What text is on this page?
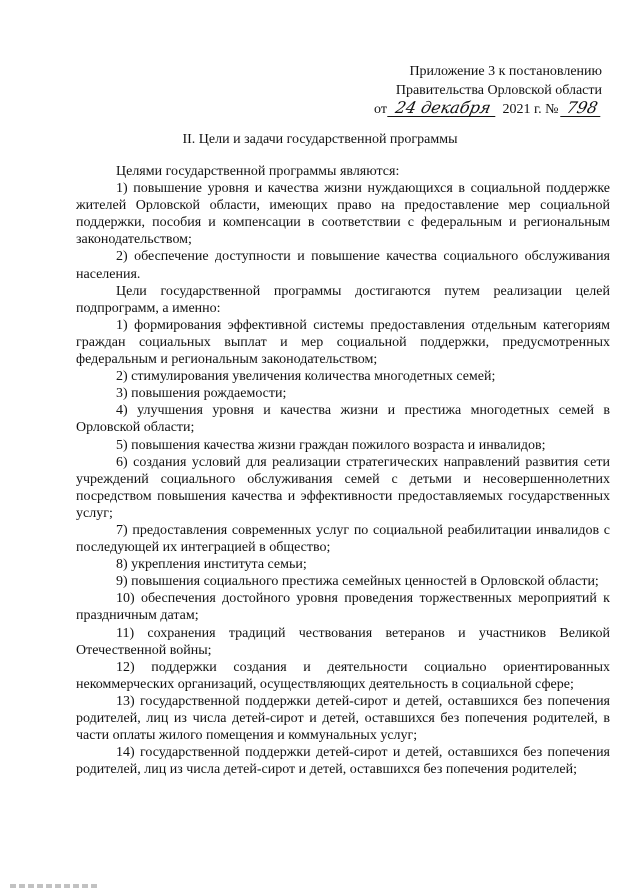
Приложение 3 к постановлению
Правительства Орловской области
от 24 декабря 2021 г. № 798
II. Цели и задачи государственной программы

Целями государственной программы являются:

1) повышение уровня и качества жизни нуждающихся в социальной поддержке жителей Орловской области, имеющих право на предоставление мер социальной поддержки, пособия и компенсации в соответствии с федеральным и региональным законодательством;

2) обеспечение доступности и повышение качества социального обслуживания населения.

Цели государственной программы достигаются путем реализации целей подпрограмм, а именно:

1) формирования эффективной системы предоставления отдельным категориям граждан социальных выплат и мер социальной поддержки, предусмотренных федеральным и региональным законодательством;

2) стимулирования увеличения количества многодетных семей;

3) повышения рождаемости;

4) улучшения уровня и качества жизни и престижа многодетных семей в Орловской области;

5) повышения качества жизни граждан пожилого возраста и инвалидов;

6) создания условий для реализации стратегических направлений развития сети учреждений социального обслуживания семей с детьми и несовершеннолетних посредством повышения качества и эффективности предоставляемых государственных услуг;

7) предоставления современных услуг по социальной реабилитации инвалидов с последующей их интеграцией в общество;

8) укрепления института семьи;

9) повышения социального престижа семейных ценностей в Орловской области;

10) обеспечения достойного уровня проведения торжественных мероприятий к праздничным датам;

11) сохранения традиций чествования ветеранов и участников Великой Отечественной войны;

12) поддержки создания и деятельности социально ориентированных некоммерческих организаций, осуществляющих деятельность в социальной сфере;

13) государственной поддержки детей-сирот и детей, оставшихся без попечения родителей, лиц из числа детей-сирот и детей, оставшихся без попечения родителей, в части оплаты жилого помещения и коммунальных услуг;

14) государственной поддержки детей-сирот и детей, оставшихся без попечения родителей, лиц из числа детей-сирот и детей, оставшихся без попечения родителей;
